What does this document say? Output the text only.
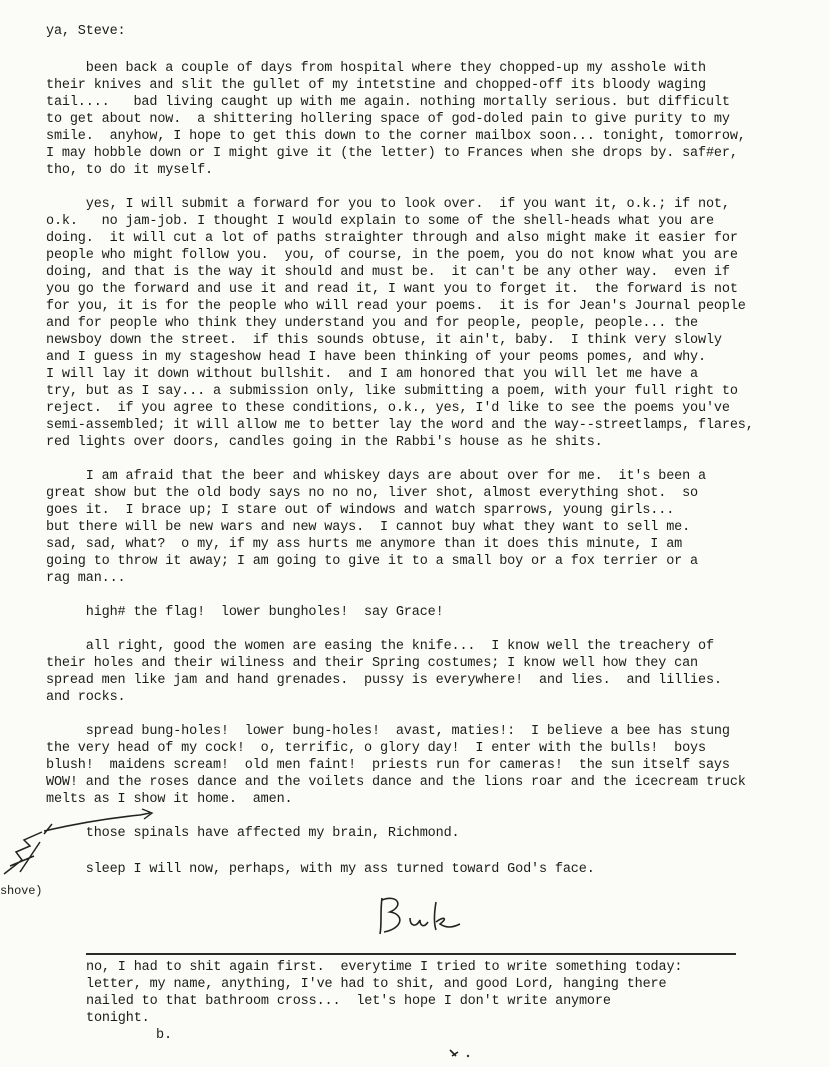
ya, Steve:
been back a couple of days from hospital where they chopped-up my asshole with
their knives and slit the gullet of my intetstine and chopped-off its bloody waging
tail....   bad living caught up with me again. nothing mortally serious. but difficult
to get about now.  a shittering hollering space of god-doled pain to give purity to my
smile.  anyhow, I hope to get this down to the corner mailbox soon... tonight, tomorrow,
I may hobble down or I might give it (the letter) to Frances when she drops by. saf#er,
tho, to do it myself.
yes, I will submit a forward for you to look over.  if you want it, o.k.; if not,
o.k.   no jam-job. I thought I would explain to some of the shell-heads what you are
doing.  it will cut a lot of paths straighter through and also might make it easier for
people who might follow you.  you, of course, in the poem, you do not know what you are
doing, and that is the way it should and must be.  it can't be any other way.  even if
you go the forward and use it and read it, I want you to forget it.  the forward is not
for you, it is for the people who will read your poems.  it is for Jean's Journal people
and for people who think they understand you and for people, people, people... the
newsboy down the street.  if this sounds obtuse, it ain't, baby.  I think very slowly
and I guess in my stageshow head I have been thinking of your peoms pomes, and why.
I will lay it down without bullshit.  and I am honored that you will let me have a
try, but as I say... a submission only, like submitting a poem, with your full right to
reject.  if you agree to these conditions, o.k., yes, I'd like to see the poems you've
semi-assembled; it will allow me to better lay the word and the way--streetlamps, flares,
red lights over doors, candles going in the Rabbi's house as he shits.
I am afraid that the beer and whiskey days are about over for me.  it's been a
great show but the old body says no no no, liver shot, almost everything shot.  so
goes it.  I brace up; I stare out of windows and watch sparrows, young girls...
but there will be new wars and new ways.  I cannot buy what they want to sell me.
sad, sad, what?  o my, if my ass hurts me anymore than it does this minute, I am
going to throw it away; I am going to give it to a small boy or a fox terrier or a
rag man...
high# the flag!  lower bungholes!  say Grace!
all right, good the women are easing the knife...  I know well the treachery of
their holes and their wiliness and their Spring costumes; I know well how they can
spread men like jam and hand grenades.  pussy is everywhere!  and lies.  and lillies.
and rocks.
spread bung-holes!  lower bung-holes!  avast, maties!:  I believe a bee has stung
the very head of my cock!  o, terrific, o glory day!  I enter with the bulls!  boys
blush!  maidens scream!  old men faint!  priests run for cameras!  the sun itself says
WOW! and the roses dance and the voilets dance and the lions roar and the icecream truck
melts as I show it home.  amen.
those spinals have affected my brain, Richmond.
shove)
sleep I will now, perhaps, with my ass turned toward God's face.
no, I had to shit again first.  everytime I tried to write something today:
letter, my name, anything, I've had to shit, and good Lord, hanging there
nailed to that bathroom cross...  let's hope I don't write anymore
tonight.
b.
